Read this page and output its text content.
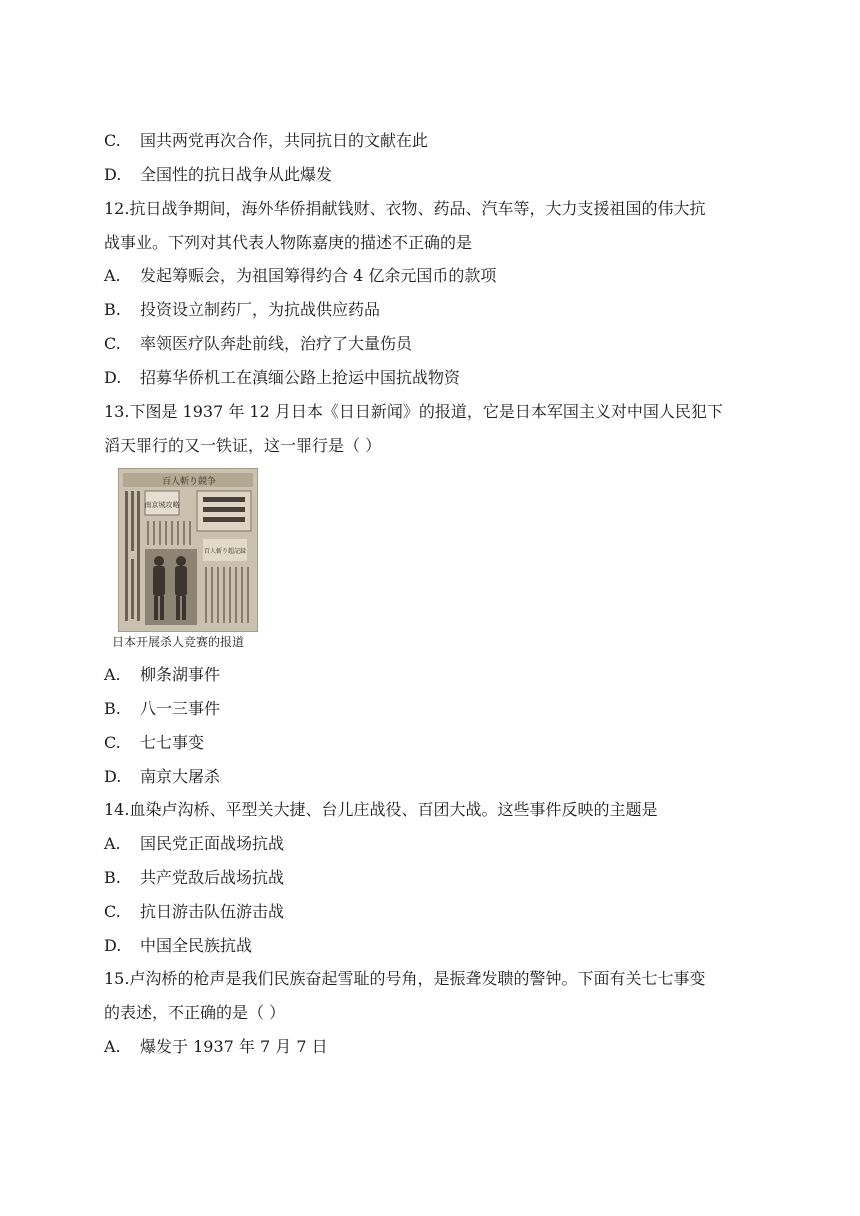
C. 国共两党再次合作，共同抗日的文献在此
D. 全国性的抗日战争从此爆发
12.抗日战争期间，海外华侨捐献钱财、衣物、药品、汽车等，大力支援祖国的伟大抗
战事业。下列对其代表人物陈嘉庚的描述不正确的是
A. 发起筹赈会，为祖国筹得约合 4 亿余元国币的款项
B. 投资设立制药厂，为抗战供应药品
C. 率领医疗队奔赴前线，治疗了大量伤员
D. 招募华侨机工在滇缅公路上抢运中国抗战物资
13.下图是 1937 年 12 月日本《日日新闻》的报道，它是日本军国主义对中国人民犯下
滔天罪行的又一铁证，这一罪行是（ ）
百人斬り競争
南京城攻略
百人斬り超記録
日本开展杀人竞赛的报道
A. 柳条湖事件
B. 八一三事件
C. 七七事变
D. 南京大屠杀
14.血染卢沟桥、平型关大捷、台儿庄战役、百团大战。这些事件反映的主题是
A. 国民党正面战场抗战
B. 共产党敌后战场抗战
C. 抗日游击队伍游击战
D. 中国全民族抗战
15.卢沟桥的枪声是我们民族奋起雪耻的号角，是振聋发聩的警钟。下面有关七七事变
的表述，不正确的是（ ）
A. 爆发于 1937 年 7 月 7 日
